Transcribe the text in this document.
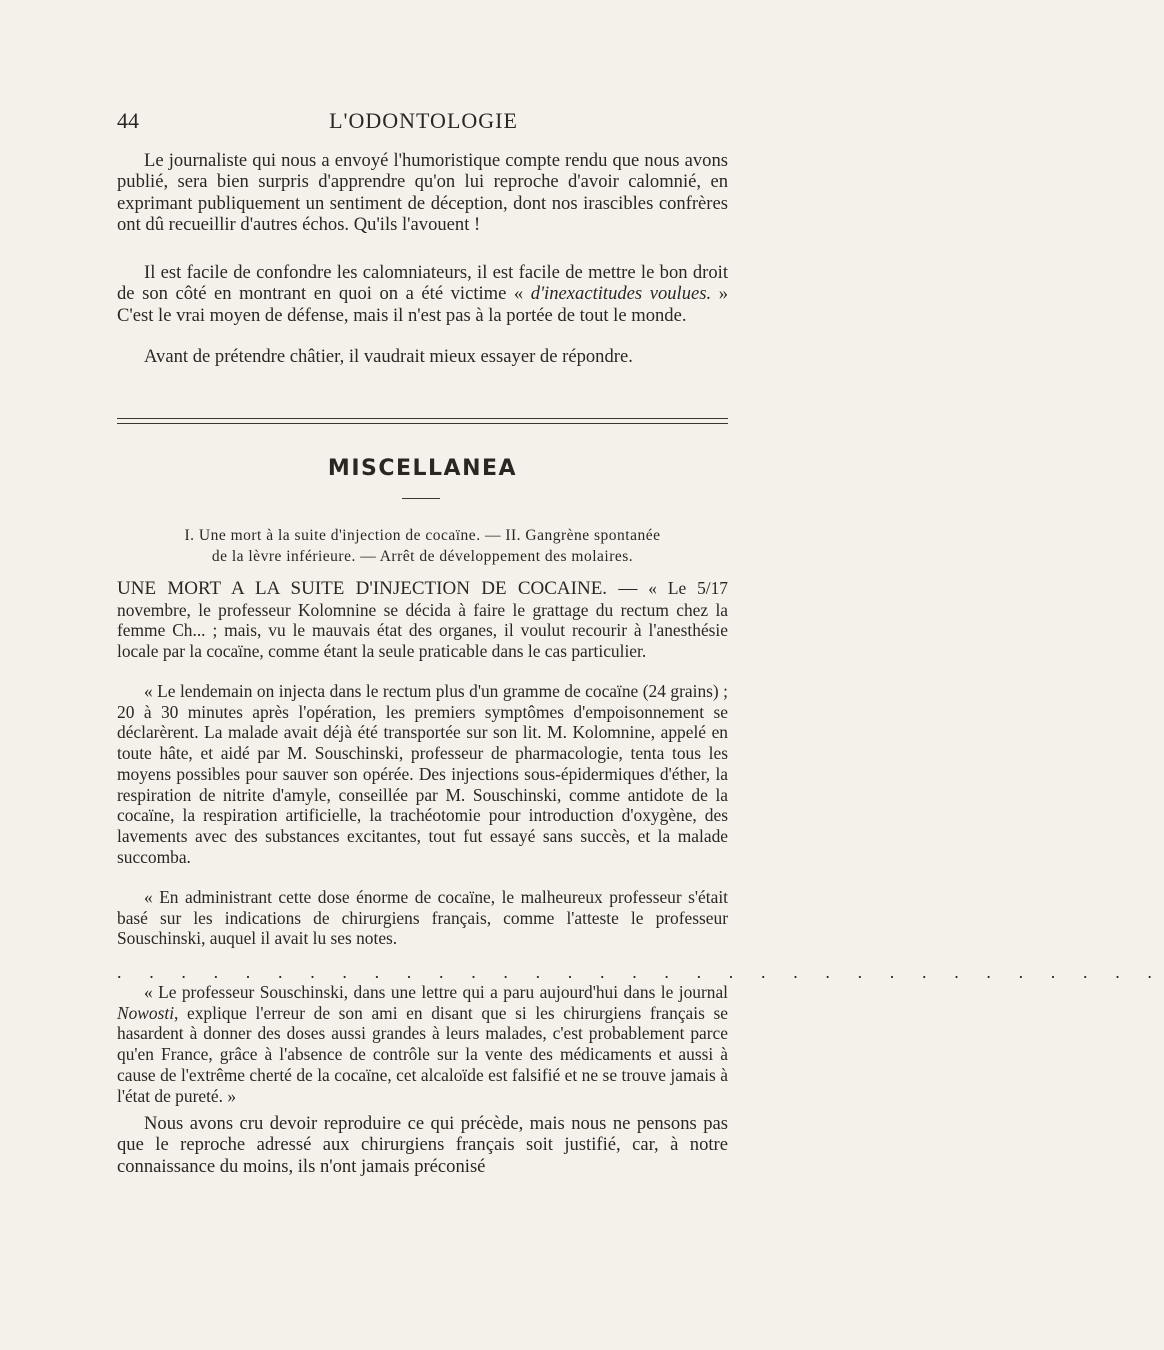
44	L'ODONTOLOGIE

Le journaliste qui nous a envoyé l'humoristique compte rendu que nous avons publié, sera bien surpris d'apprendre qu'on lui reproche d'avoir calomnié, en exprimant publiquement un sentiment de déception, dont nos irascibles confrères ont dû recueillir d'autres échos. Qu'ils l'avouent !

Il est facile de confondre les calomniateurs, il est facile de mettre le bon droit de son côté en montrant en quoi on a été victime « d'inexactitudes voulues. » C'est le vrai moyen de défense, mais il n'est pas à la portée de tout le monde.

Avant de prétendre châtier, il vaudrait mieux essayer de répondre.

MISCELLANEA

I. Une mort à la suite d'injection de cocaïne. — II. Gangrène spontanée
de la lèvre inférieure. — Arrêt de développement des molaires.

UNE MORT A LA SUITE D'INJECTION DE COCAINE. — « Le 5/17 novembre, le professeur Kolomnine se décida à faire le grattage du rectum chez la femme Ch... ; mais, vu le mauvais état des organes, il voulut recourir à l'anesthésie locale par la cocaïne, comme étant la seule praticable dans le cas particulier.

« Le lendemain on injecta dans le rectum plus d'un gramme de cocaïne (24 grains) ; 20 à 30 minutes après l'opération, les premiers symptômes d'empoisonnement se déclarèrent. La malade avait déjà été transportée sur son lit. M. Kolomnine, appelé en toute hâte, et aidé par M. Souschinski, professeur de pharmacologie, tenta tous les moyens possibles pour sauver son opérée. Des injections sous-épidermiques d'éther, la respiration de nitrite d'amyle, conseillée par M. Souschinski, comme antidote de la cocaïne, la respiration artificielle, la trachéotomie pour introduction d'oxygène, des lavements avec des substances excitantes, tout fut essayé sans succès, et la malade succomba.

« En administrant cette dose énorme de cocaïne, le malheureux professeur s'était basé sur les indications de chirurgiens français, comme l'atteste le professeur Souschinski, auquel il avait lu ses notes.

. . . . . . . . . . . . . . . . . . . . . . . . . . . . . . . . .

« Le professeur Souschinski, dans une lettre qui a paru aujourd'hui dans le journal Nowosti, explique l'erreur de son ami en disant que si les chirurgiens français se hasardent à donner des doses aussi grandes à leurs malades, c'est probablement parce qu'en France, grâce à l'absence de contrôle sur la vente des médicaments et aussi à cause de l'extrême cherté de la cocaïne, cet alcaloïde est falsifié et ne se trouve jamais à l'état de pureté. »

Nous avons cru devoir reproduire ce qui précède, mais nous ne pensons pas que le reproche adressé aux chirurgiens français soit justifié, car, à notre connaissance du moins, ils n'ont jamais préconisé
